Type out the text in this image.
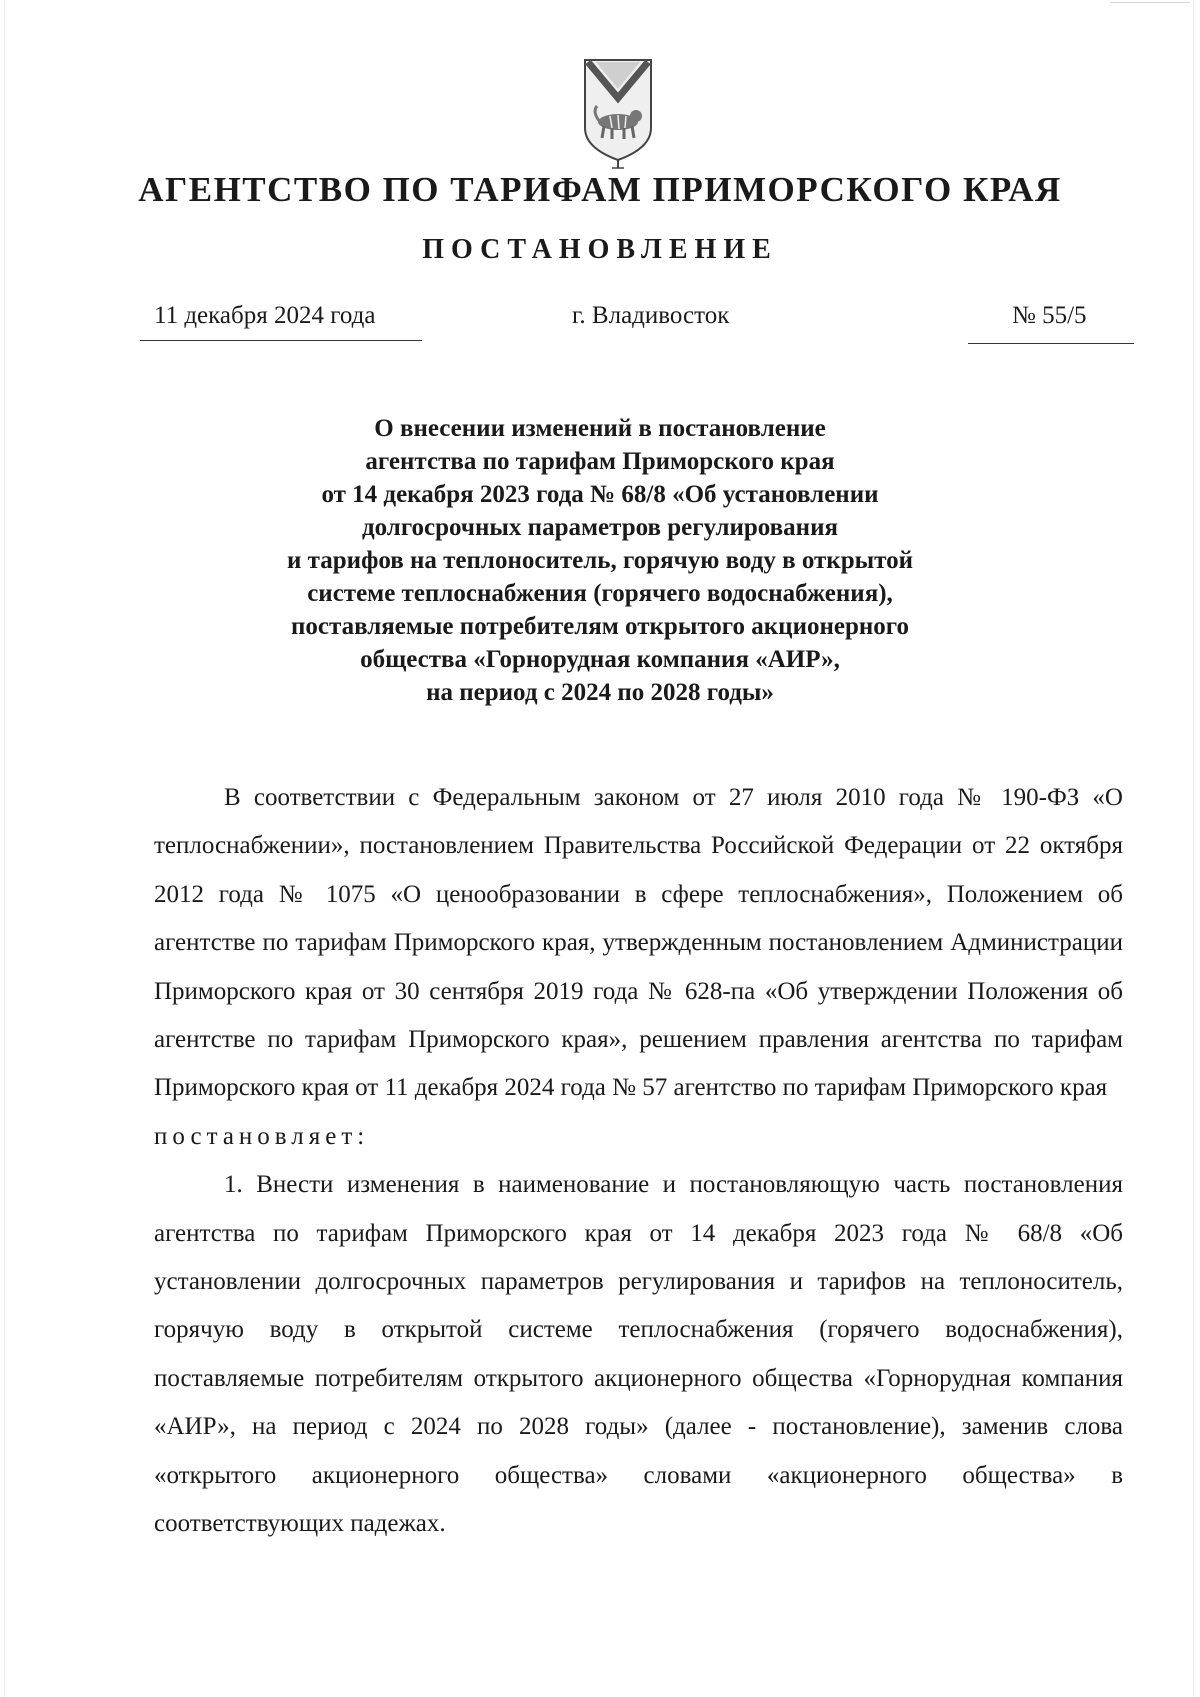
АГЕНТСТВО ПО ТАРИФАМ ПРИМОРСКОГО КРАЯ
ПОСТАНОВЛЕНИЕ

11 декабря 2024 года	г. Владивосток	№ 55/5

О внесении изменений в постановление
агентства по тарифам Приморского края
от 14 декабря 2023 года № 68/8 «Об установлении
долгосрочных параметров регулирования
и тарифов на теплоноситель, горячую воду в открытой
системе теплоснабжения (горячего водоснабжения),
поставляемые потребителям открытого акционерного
общества «Горнорудная компания «АИР»,
на период с 2024 по 2028 годы»

В соответствии с Федеральным законом от 27 июля 2010 года № 190-ФЗ «О теплоснабжении», постановлением Правительства Российской Федерации от 22 октября 2012 года № 1075 «О ценообразовании в сфере теплоснабжения», Положением об агентстве по тарифам Приморского края, утвержденным постановлением Администрации Приморского края от 30 сентября 2019 года № 628-па «Об утверждении Положения об агентстве по тарифам Приморского края», решением правления агентства по тарифам Приморского края от 11 декабря 2024 года № 57 агентство по тарифам Приморского края
постановляет:

1. Внести изменения в наименование и постановляющую часть постановления агентства по тарифам Приморского края от 14 декабря 2023 года № 68/8 «Об установлении долгосрочных параметров регулирования и тарифов на теплоноситель, горячую воду в открытой системе теплоснабжения (горячего водоснабжения), поставляемые потребителям открытого акционерного общества «Горнорудная компания «АИР», на период с 2024 по 2028 годы» (далее - постановление), заменив слова «открытого акционерного общества» словами «акционерного общества» в соответствующих падежах.
